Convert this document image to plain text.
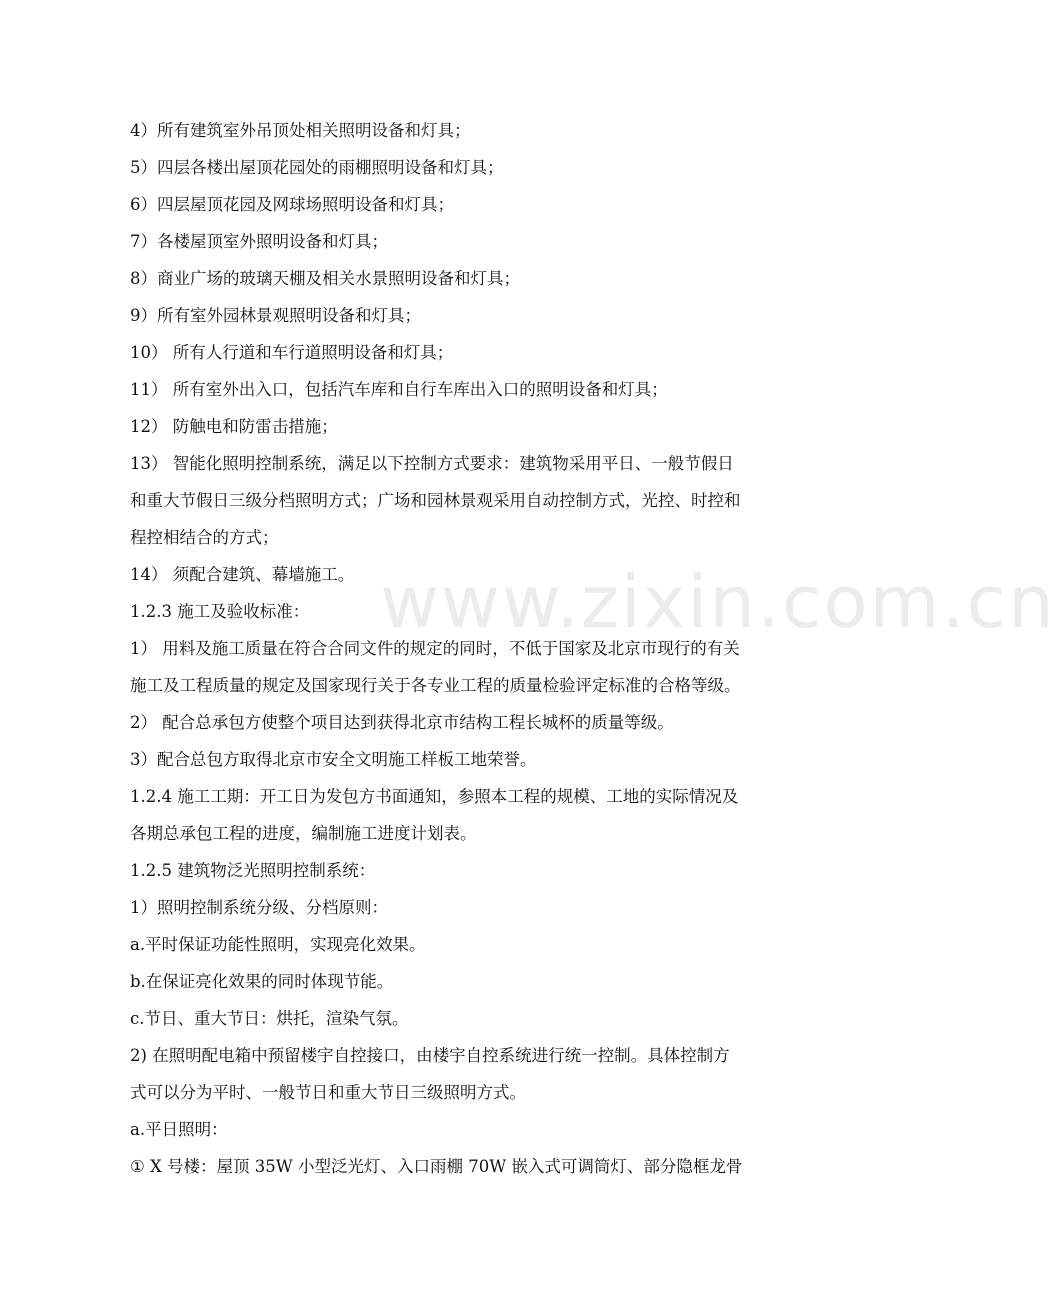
www.zixin.com.cn
4）所有建筑室外吊顶处相关照明设备和灯具；
5）四层各楼出屋顶花园处的雨棚照明设备和灯具；
6）四层屋顶花园及网球场照明设备和灯具；
7）各楼屋顶室外照明设备和灯具；
8）商业广场的玻璃天棚及相关水景照明设备和灯具；
9）所有室外园林景观照明设备和灯具；
10） 所有人行道和车行道照明设备和灯具；
11） 所有室外出入口，包括汽车库和自行车库出入口的照明设备和灯具；
12） 防触电和防雷击措施；
13） 智能化照明控制系统，满足以下控制方式要求：建筑物采用平日、一般节假日
和重大节假日三级分档照明方式；广场和园林景观采用自动控制方式，光控、时控和
程控相结合的方式；
14） 须配合建筑、幕墙施工。
1.2.3 施工及验收标准：
1） 用料及施工质量在符合合同文件的规定的同时，不低于国家及北京市现行的有关
施工及工程质量的规定及国家现行关于各专业工程的质量检验评定标准的合格等级。
2） 配合总承包方使整个项目达到获得北京市结构工程长城杯的质量等级。
3）配合总包方取得北京市安全文明施工样板工地荣誉。
1.2.4 施工工期：开工日为发包方书面通知，参照本工程的规模、工地的实际情况及
各期总承包工程的进度，编制施工进度计划表。
1.2.5 建筑物泛光照明控制系统：
1）照明控制系统分级、分档原则：
a.平时保证功能性照明，实现亮化效果。
b.在保证亮化效果的同时体现节能。
c.节日、重大节日：烘托，渲染气氛。
2) 在照明配电箱中预留楼宇自控接口，由楼宇自控系统进行统一控制。具体控制方
式可以分为平时、一般节日和重大节日三级照明方式。
a.平日照明：
① X 号楼：屋顶 35W 小型泛光灯、入口雨棚 70W 嵌入式可调筒灯、部分隐框龙骨
